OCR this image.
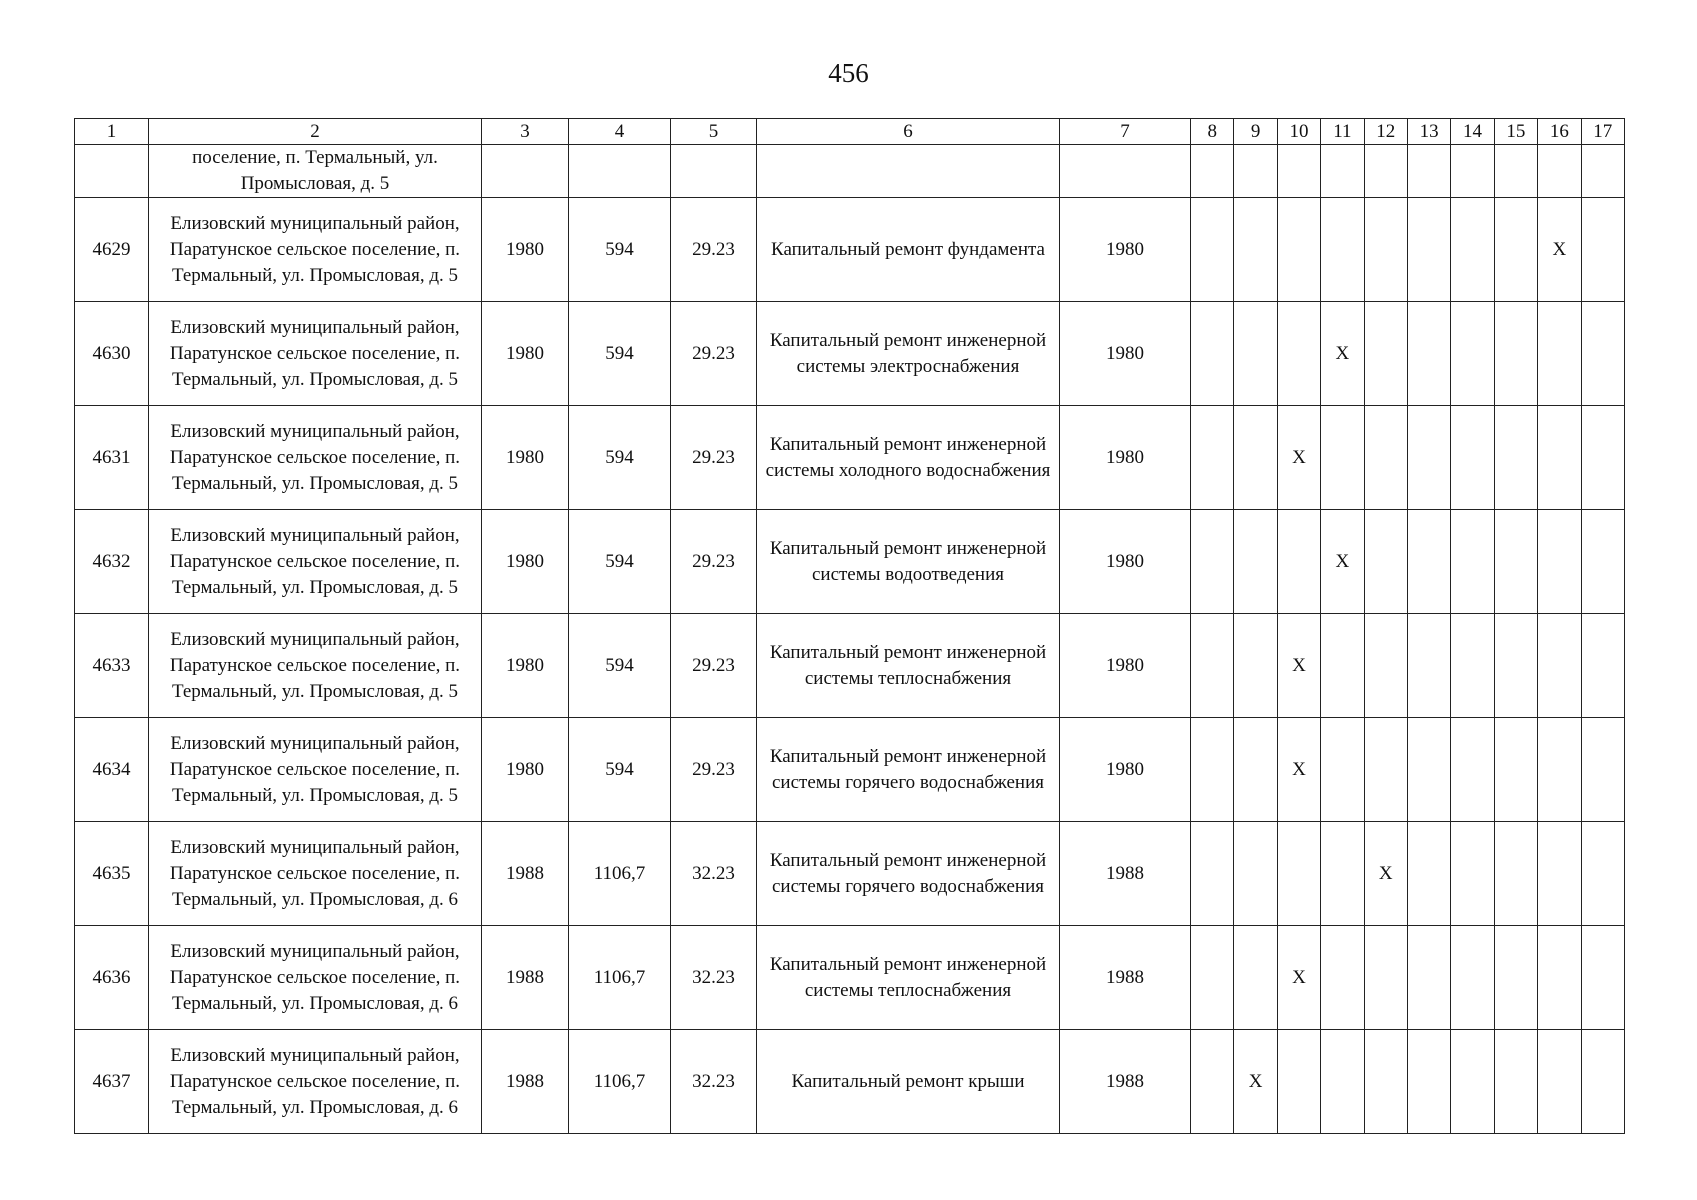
456
1	2	3	4	5	6	7	8	9	10	11	12	13	14	15	16	17
	поселение, п. Термальный, ул. Промысловая, д. 5															
4629	Елизовский муниципальный район, Паратунское сельское поселение, п. Термальный, ул. Промысловая, д. 5	1980	594	29.23	Капитальный ремонт фундамента	1980									Х	
4630	Елизовский муниципальный район, Паратунское сельское поселение, п. Термальный, ул. Промысловая, д. 5	1980	594	29.23	Капитальный ремонт инженерной системы электроснабжения	1980				Х						
4631	Елизовский муниципальный район, Паратунское сельское поселение, п. Термальный, ул. Промысловая, д. 5	1980	594	29.23	Капитальный ремонт инженерной системы холодного водоснабжения	1980			Х							
4632	Елизовский муниципальный район, Паратунское сельское поселение, п. Термальный, ул. Промысловая, д. 5	1980	594	29.23	Капитальный ремонт инженерной системы водоотведения	1980				Х						
4633	Елизовский муниципальный район, Паратунское сельское поселение, п. Термальный, ул. Промысловая, д. 5	1980	594	29.23	Капитальный ремонт инженерной системы теплоснабжения	1980			Х							
4634	Елизовский муниципальный район, Паратунское сельское поселение, п. Термальный, ул. Промысловая, д. 5	1980	594	29.23	Капитальный ремонт инженерной системы горячего водоснабжения	1980			Х							
4635	Елизовский муниципальный район, Паратунское сельское поселение, п. Термальный, ул. Промысловая, д. 6	1988	1106,7	32.23	Капитальный ремонт инженерной системы горячего водоснабжения	1988					Х					
4636	Елизовский муниципальный район, Паратунское сельское поселение, п. Термальный, ул. Промысловая, д. 6	1988	1106,7	32.23	Капитальный ремонт инженерной системы теплоснабжения	1988			Х							
4637	Елизовский муниципальный район, Паратунское сельское поселение, п. Термальный, ул. Промысловая, д. 6	1988	1106,7	32.23	Капитальный ремонт крыши	1988		Х								
